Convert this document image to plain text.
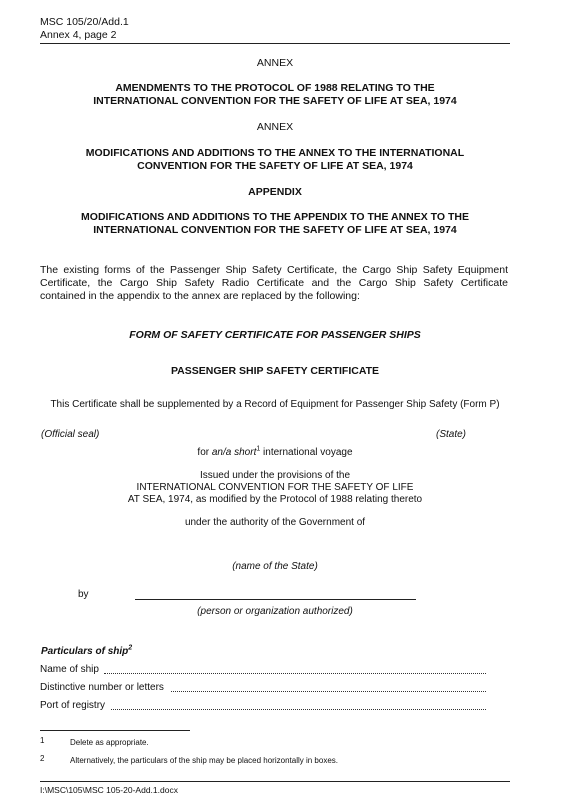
MSC 105/20/Add.1
Annex 4, page 2
ANNEX
AMENDMENTS TO THE PROTOCOL OF 1988 RELATING TO THE
INTERNATIONAL CONVENTION FOR THE SAFETY OF LIFE AT SEA, 1974
ANNEX
MODIFICATIONS AND ADDITIONS TO THE ANNEX TO THE INTERNATIONAL
CONVENTION FOR THE SAFETY OF LIFE AT SEA, 1974
APPENDIX
MODIFICATIONS AND ADDITIONS TO THE APPENDIX TO THE ANNEX TO THE
INTERNATIONAL CONVENTION FOR THE SAFETY OF LIFE AT SEA, 1974
The existing forms of the Passenger Ship Safety Certificate, the Cargo Ship Safety Equipment
Certificate, the Cargo Ship Safety Radio Certificate and the Cargo Ship Safety Certificate
contained in the appendix to the annex are replaced by the following:
FORM OF SAFETY CERTIFICATE FOR PASSENGER SHIPS
PASSENGER SHIP SAFETY CERTIFICATE
This Certificate shall be supplemented by a Record of Equipment for Passenger Ship Safety (Form P)
(Official seal)	(State)
for an/a short$^1$ international voyage
Issued under the provisions of the
INTERNATIONAL CONVENTION FOR THE SAFETY OF LIFE
AT SEA, 1974, as modified by the Protocol of 1988 relating thereto
under the authority of the Government of
(name of the State)
by
(person or organization authorized)
Particulars of ship$^2$
Name of ship
Distinctive number or letters
Port of registry
1	Delete as appropriate.
2	Alternatively, the particulars of the ship may be placed horizontally in boxes.
I:\MSC\105\MSC 105-20-Add.1.docx
